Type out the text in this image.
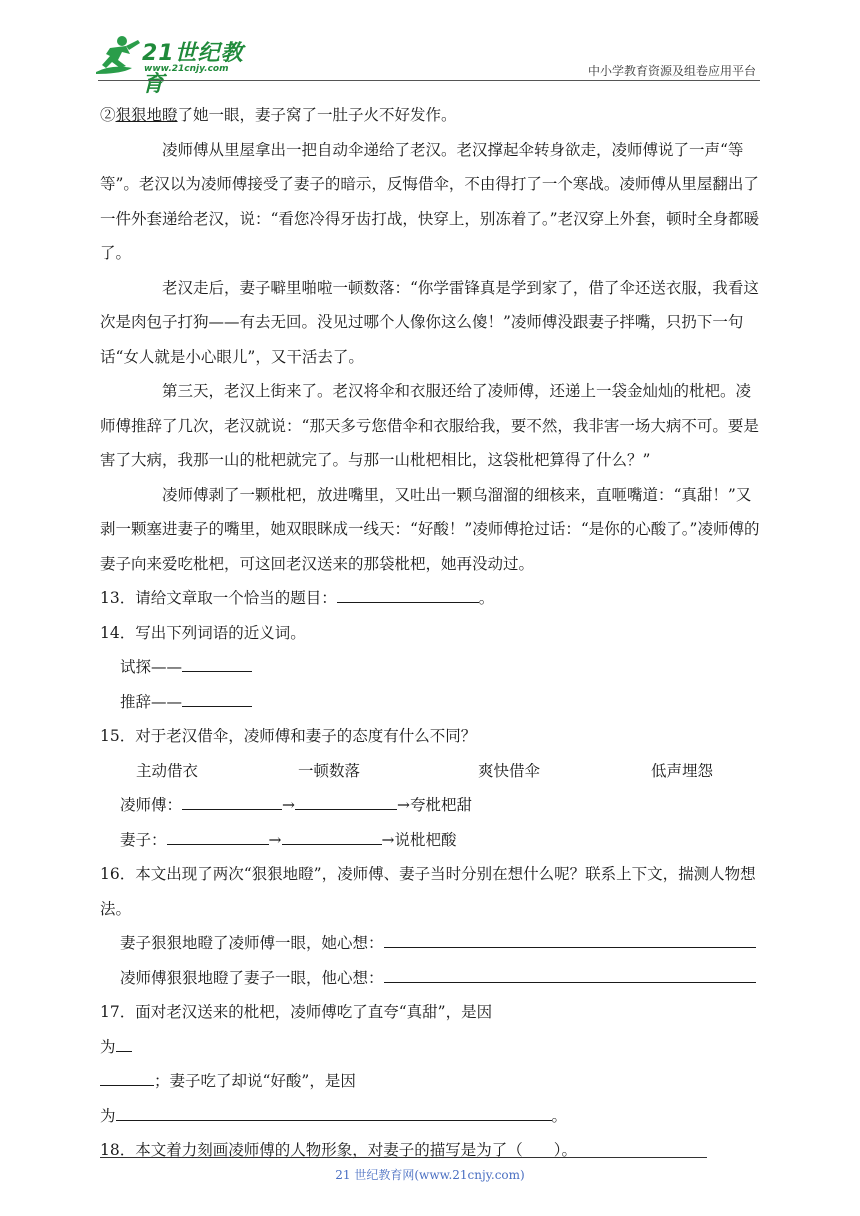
21世纪教育
www.21cnjy.com	中小学教育资源及组卷应用平台

②狠狠地瞪了她一眼，妻子窝了一肚子火不好发作。

凌师傅从里屋拿出一把自动伞递给了老汉。老汉撑起伞转身欲走，凌师傅说了一声“等等”。老汉以为凌师傅接受了妻子的暗示，反悔借伞，不由得打了一个寒战。凌师傅从里屋翻出了一件外套递给老汉，说：“看您冷得牙齿打战，快穿上，别冻着了。”老汉穿上外套，顿时全身都暖了。

老汉走后，妻子噼里啪啦一顿数落：“你学雷锋真是学到家了，借了伞还送衣服，我看这次是肉包子打狗——有去无回。没见过哪个人像你这么傻！”凌师傅没跟妻子拌嘴，只扔下一句话“女人就是小心眼儿”，又干活去了。

第三天，老汉上街来了。老汉将伞和衣服还给了凌师傅，还递上一袋金灿灿的枇杷。凌师傅推辞了几次，老汉就说：“那天多亏您借伞和衣服给我，要不然，我非害一场大病不可。要是害了大病，我那一山的枇杷就完了。与那一山枇杷相比，这袋枇杷算得了什么？”

凌师傅剥了一颗枇杷，放进嘴里，又吐出一颗乌溜溜的细核来，直咂嘴道：“真甜！”又剥一颗塞进妻子的嘴里，她双眼眯成一线天：“好酸！”凌师傅抢过话：“是你的心酸了。”凌师傅的妻子向来爱吃枇杷，可这回老汉送来的那袋枇杷，她再没动过。

13．请给文章取一个恰当的题目：	。

14．写出下列词语的近义词。

试探——

推辞——

15．对于老汉借伞，凌师傅和妻子的态度有什么不同？

主动借衣	一顿数落	爽快借伞	低声埋怨

凌师傅：	→	→夸枇杷甜

妻子：	→	→说枇杷酸

16．本文出现了两次“狠狠地瞪”，凌师傅、妻子当时分别在想什么呢？联系上下文，揣测人物想法。

妻子狠狠地瞪了凌师傅一眼，她心想：

凌师傅狠狠地瞪了妻子一眼，他心想：

17．面对老汉送来的枇杷，凌师傅吃了直夸“真甜”，是因

为

；妻子吃了却说“好酸”，是因

为	。

18．本文着力刻画凌师傅的人物形象，对妻子的描写是为了（　　）。

21 世纪教育网(www.21cnjy.com)
